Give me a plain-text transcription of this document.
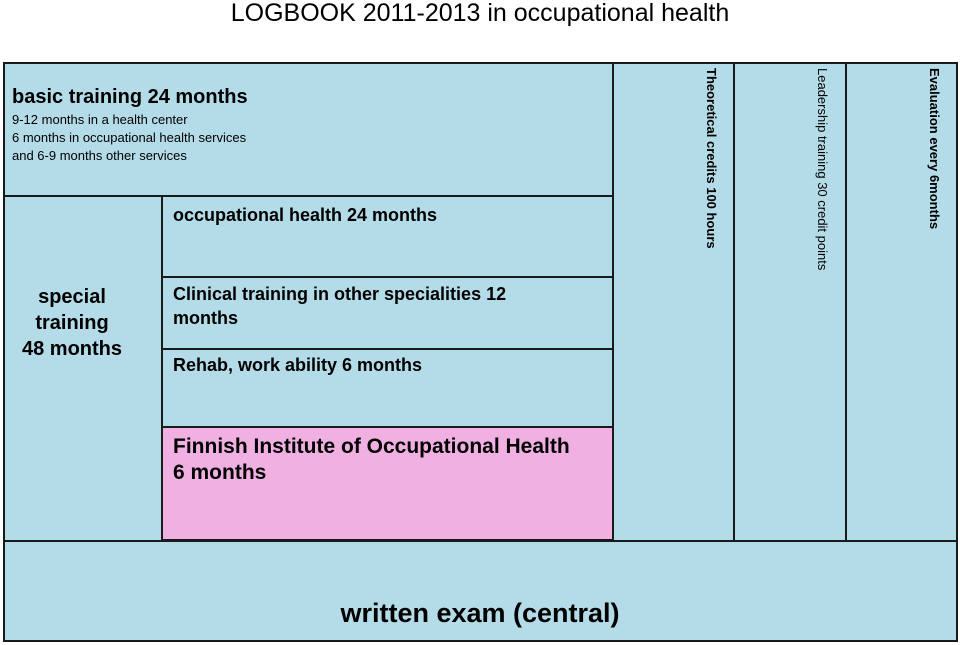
LOGBOOK 2011-2013 in occupational health
basic training 24 months
9-12 months in a health center
6 months in occupational health services
and 6-9 months other services
special
training
48 months
occupational health 24 months
Clinical training in other specialities 12
months
Rehab, work ability 6 months
Finnish Institute of Occupational Health
6 months
written exam (central)
Theoretical credits 100 hours	Leadership training 30 credit points	Evaluation every 6months
